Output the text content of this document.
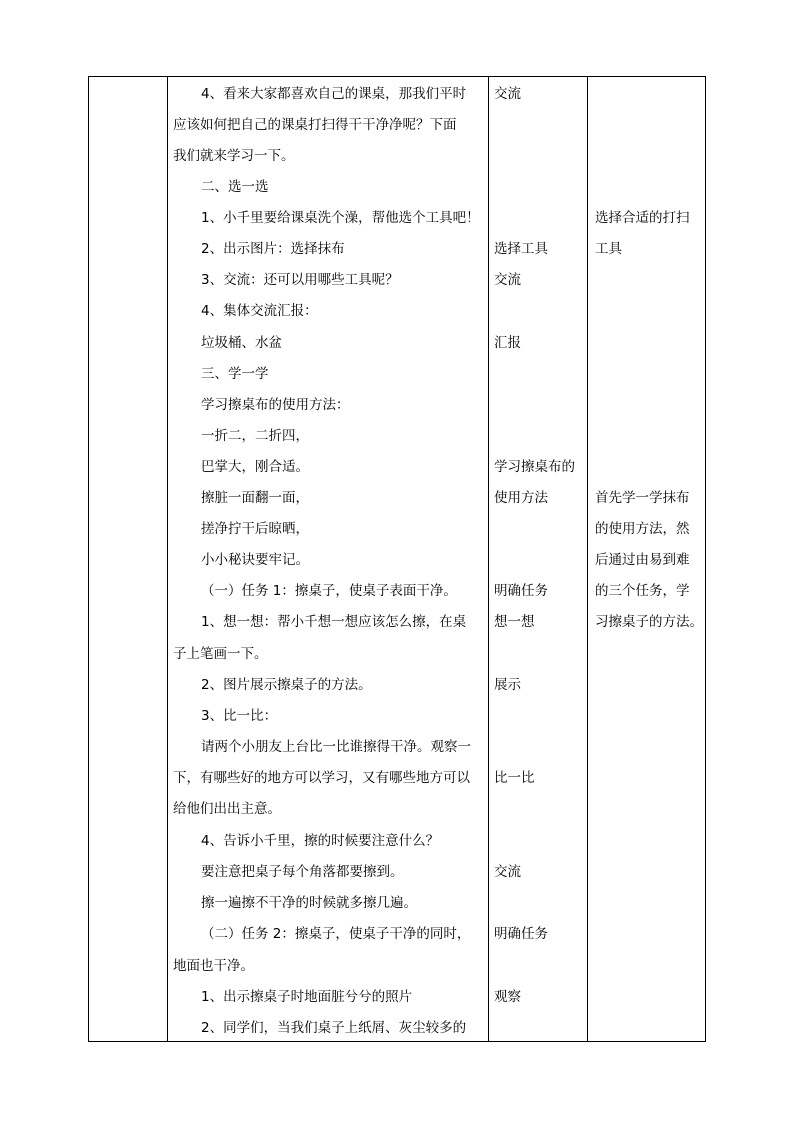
4、看来大家都喜欢自己的课桌，那我们平时
应该如何把自己的课桌打扫得干干净净呢？下面
我们就来学习一下。
二、选一选
1、小千里要给课桌洗个澡，帮他选个工具吧！
2、出示图片：选择抹布
3、交流：还可以用哪些工具呢？
4、集体交流汇报：
垃圾桶、水盆
三、学一学
学习擦桌布的使用方法：
一折二，二折四，
巴掌大，刚合适。
擦脏一面翻一面，
搓净拧干后晾晒，
小小秘诀要牢记。
（一）任务 1：擦桌子，使桌子表面干净。
1、想一想：帮小千想一想应该怎么擦，在桌
子上笔画一下。
2、图片展示擦桌子的方法。
3、比一比：
请两个小朋友上台比一比谁擦得干净。观察一
下，有哪些好的地方可以学习，又有哪些地方可以
给他们出出主意。
4、告诉小千里，擦的时候要注意什么？
要注意把桌子每个角落都要擦到。
擦一遍擦不干净的时候就多擦几遍。
（二）任务 2：擦桌子，使桌子干净的同时，
地面也干净。
1、出示擦桌子时地面脏兮兮的照片
2、同学们，当我们桌子上纸屑、灰尘较多的
交流
选择工具
交流
汇报
学习擦桌布的
使用方法
明确任务
想一想
展示
比一比
交流
明确任务
观察
选择合适的打扫
工具
首先学一学抹布
的使用方法，然
后通过由易到难
的三个任务，学
习擦桌子的方法。
